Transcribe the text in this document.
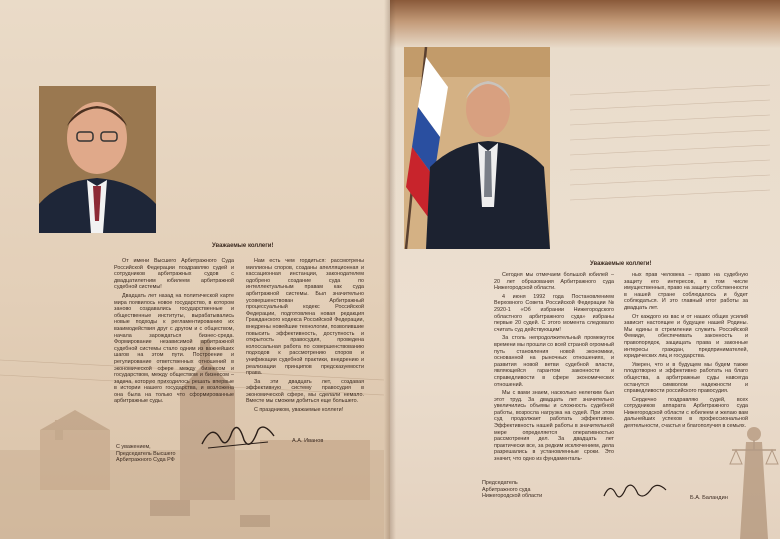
Уважаемые коллеги!

От имени Высшего Арбитражного Суда Российской Федерации поздравляю судей и сотрудников арбитражных судов с двадцатилетним юбилеем арбитражной судебной системы!

Двадцать лет назад на политической карте мира появилось новое государство, в котором заново создавались государственные и общественные институты, вырабатывались новые подходы к регламентированию их взаимодействия друг с другом и с обществом, начала зарождаться бизнес-среда. Формирование независимой арбитражной судебной системы стало одним из важнейших шагов на этом пути. Построение и регулирование ответственных отношений в экономической сфере между бизнесом и государством, между обществом и бизнесом – задача, которую приходилось решать впервые в истории нашего государства, и возложена она была на только что сформированные арбитражные суды.

Нам есть чем гордиться: рассмотрены миллионы споров, созданы апелляционная и кассационная инстанции, законодателем одобрено создание суда по интеллектуальным правам как суда арбитражной системы. Был значительно усовершенствован Арбитражный процессуальный кодекс Российской Федерации, подготовлена новая редакция Гражданского кодекса Российской Федерации, внедрены новейшие технологии, позволившие повысить эффективность, доступность и открытость правосудия, проведена колоссальная работа по совершенствованию подходов к рассмотрению споров и унификации судебной практики, внедрению и реализации принципов предсказуемости права.

За эти двадцать лет, создавая эффективную систему правосудия в экономической сфере, мы сделали немало. Вместе мы сможем добиться еще большего.

С праздником, уважаемые коллеги!

С уважением,
Председатель Высшего
Арбитражного Суда РФ
А.А. Иванов
Уважаемые коллеги!

Сегодня мы отмечаем большой юбилей – 20 лет образования Арбитражного суда Нижегородской области.

4 июня 1992 года Постановлением Верховного Совета Российской Федерации № 2920-1 «Об избрании Нижегородского областного арбитражного суда» избраны первые 20 судей. С этого момента следовало считать суд действующим!

За столь непродолжительный промежуток времени мы прошли со всей страной огромный путь становления новой экономики, основанной на рыночных отношениях, и развития новой ветви судебной власти, являющейся гарантом законности и справедливости в сфере экономических отношений.

Мы с вами знаем, насколько нелегким был этот труд. За двадцать лет значительно увеличились объемы и сложность судебной работы, возросла нагрузка на судей. При этом суд продолжает работать эффективно. Эффективность нашей работы в значительной мере определяется оперативностью рассмотрения дел. За двадцать лет практически все, за редким исключением, дела разрешались в установленные сроки. Это значит, что одно из фундаменталь-

ных прав человека – право на судебную защиту его интересов, в том числе имущественных, право на защиту собственности в нашей стране соблюдалось и будет соблюдаться. И это главный итог работы за двадцать лет.

От каждого из вас и от наших общих усилий зависит настоящее и будущее нашей Родины. Мы едины в стремлении служить Российской Фемиде, обеспечивать законность и правопорядок, защищать права и законные интересы граждан, предпринимателей, юридических лиц и государства.

Уверен, что и в будущем мы будем также плодотворно и эффективно работать на благо общества, а арбитражные суды навсегда останутся символом надежности и справедливости российского правосудия.

Сердечно поздравляю судей, всех сотрудников аппарата Арбитражного суда Нижегородской области с юбилеем и желаю вам дальнейших успехов в профессиональной деятельности, счастья и благополучия в семьях.

Председатель
Арбитражного суда
Нижегородской области	Б.А. Баландин
